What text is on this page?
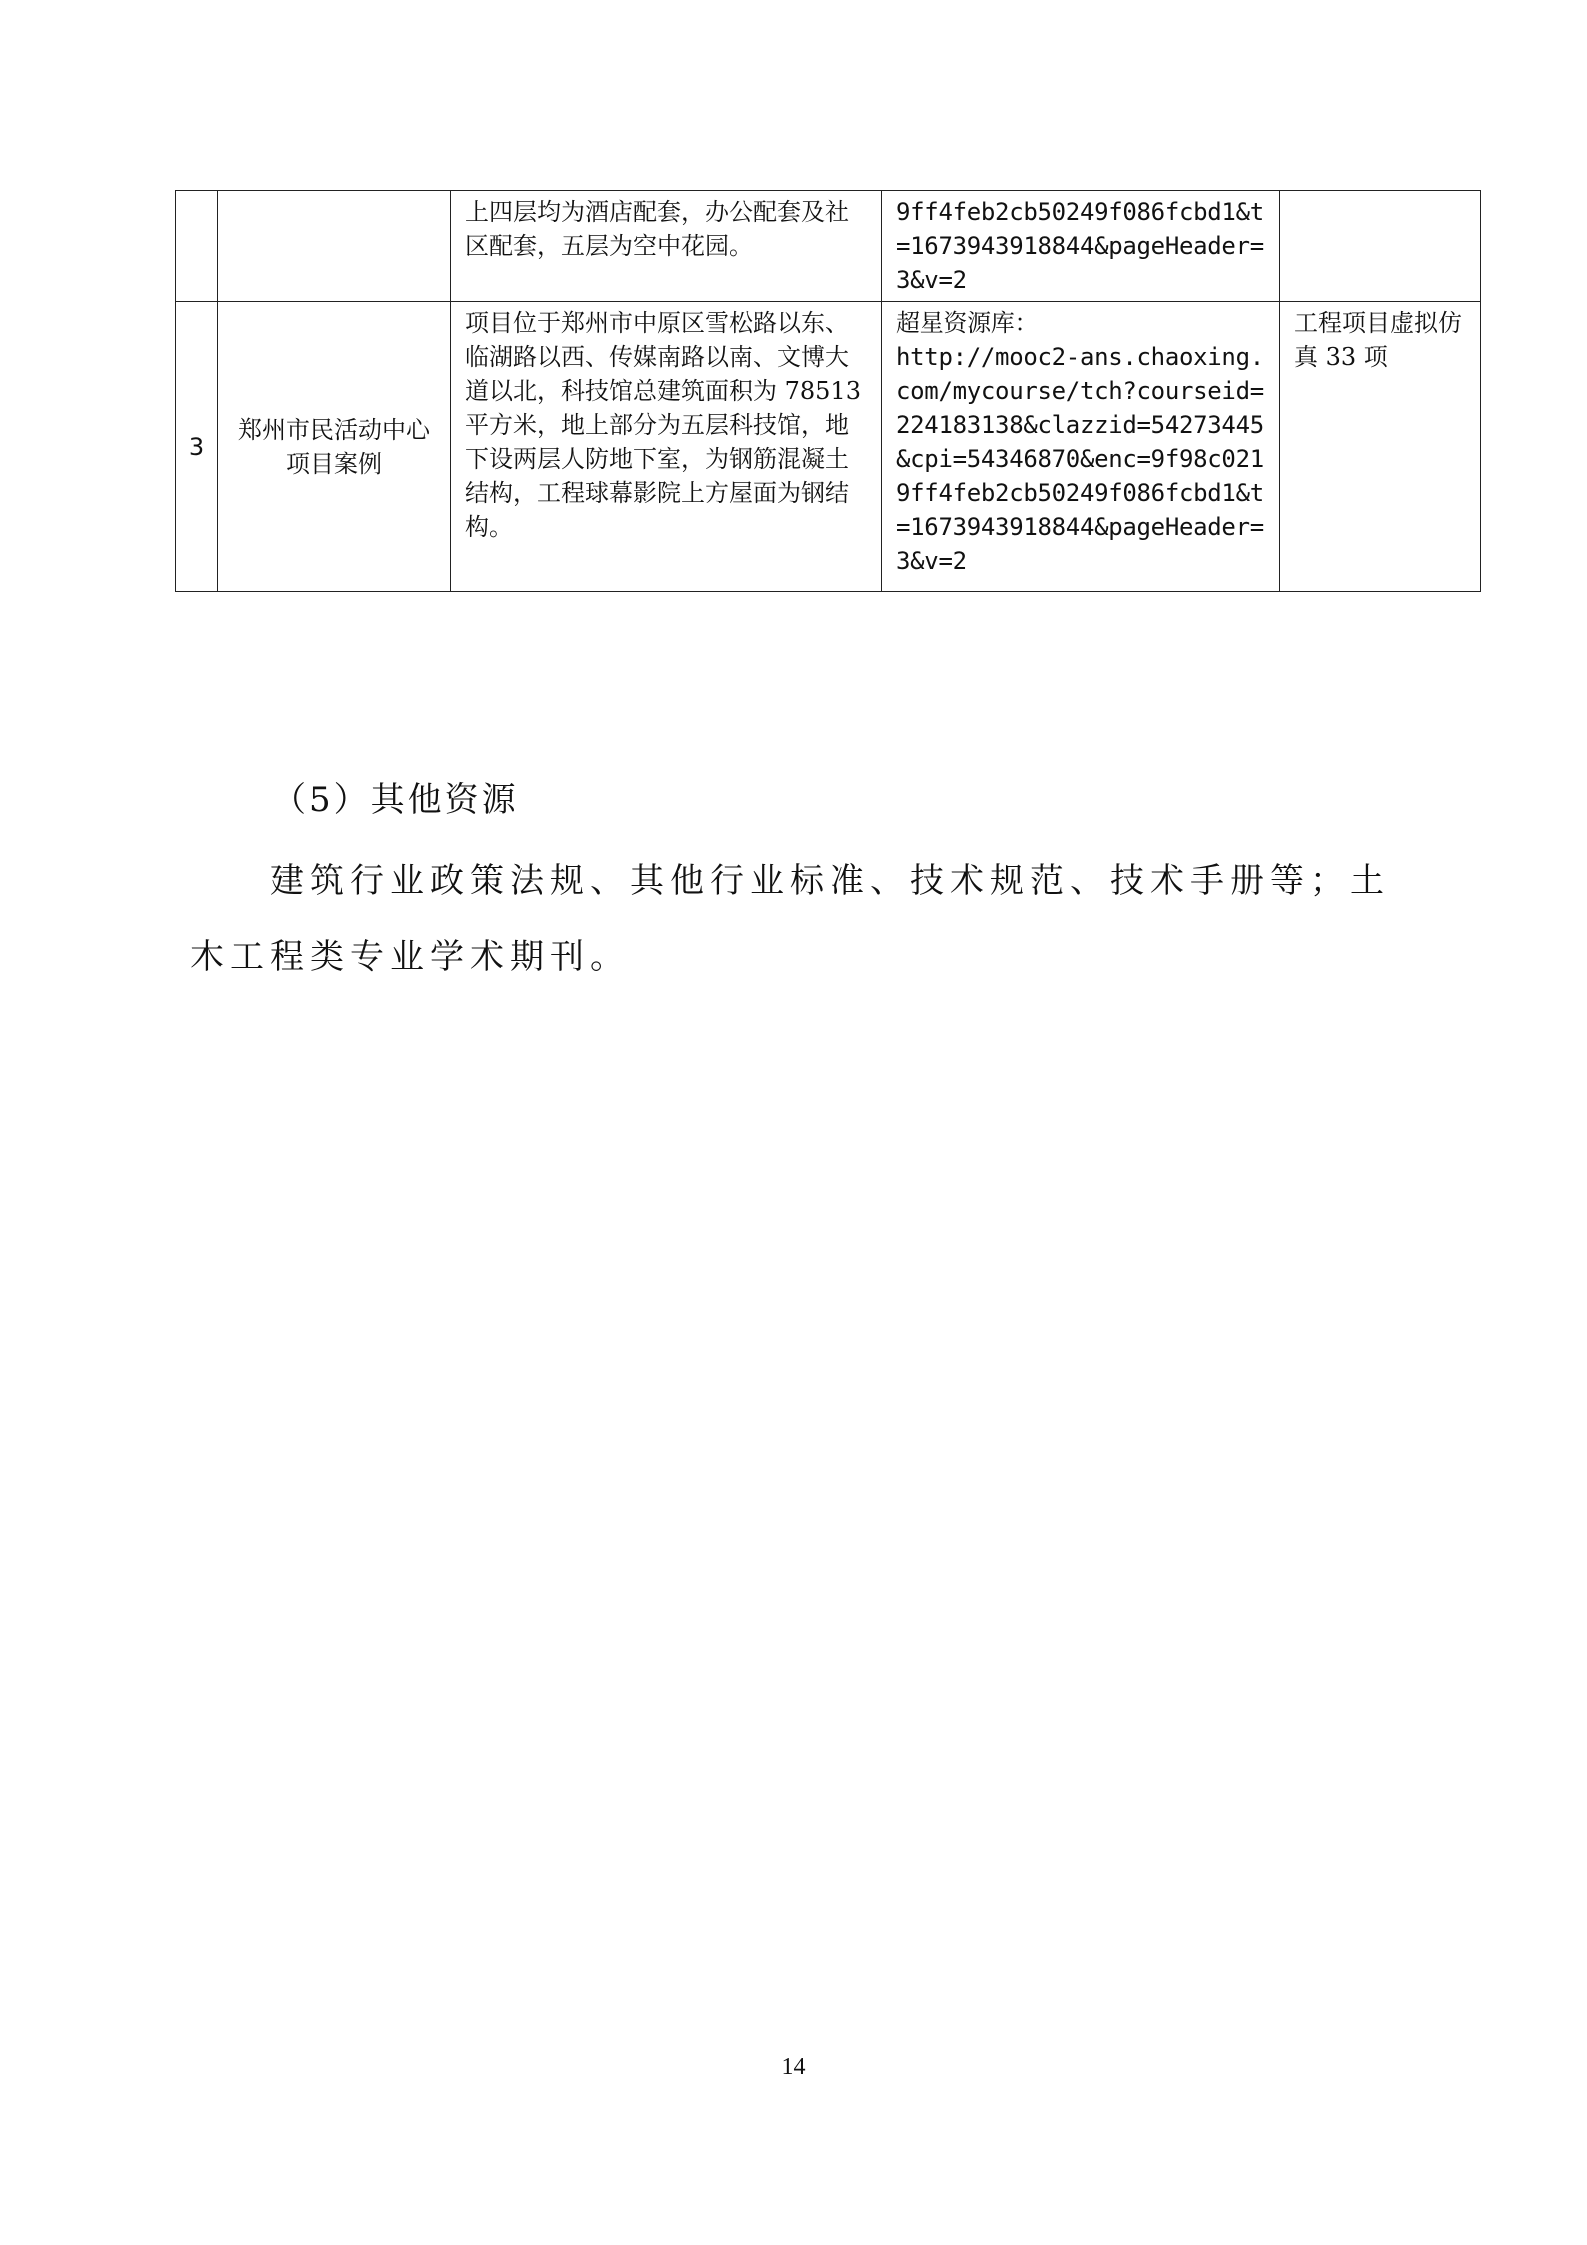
		上四层均为酒店配套，办公配套及社区配套，五层为空中花园。	9ff4feb2cb50249f086fcbd1&t=1673943918844&pageHeader=3&v=2	
3	郑州市民活动中心项目案例	项目位于郑州市中原区雪松路以东、临湖路以西、传媒南路以南、文博大道以北，科技馆总建筑面积为 78513 平方米，地上部分为五层科技馆，地下设两层人防地下室，为钢筋混凝土结构，工程球幕影院上方屋面为钢结构。	超星资源库：
http://mooc2-ans.chaoxing.com/mycourse/tch?courseid=224183138&clazzid=54273445&cpi=54346870&enc=9f98c0219ff4feb2cb50249f086fcbd1&t=1673943918844&pageHeader=3&v=2	工程项目虚拟仿真 33 项
（5）其他资源
建筑行业政策法规、其他行业标准、技术规范、技术手册等；土木工程类专业学术期刊。
14
